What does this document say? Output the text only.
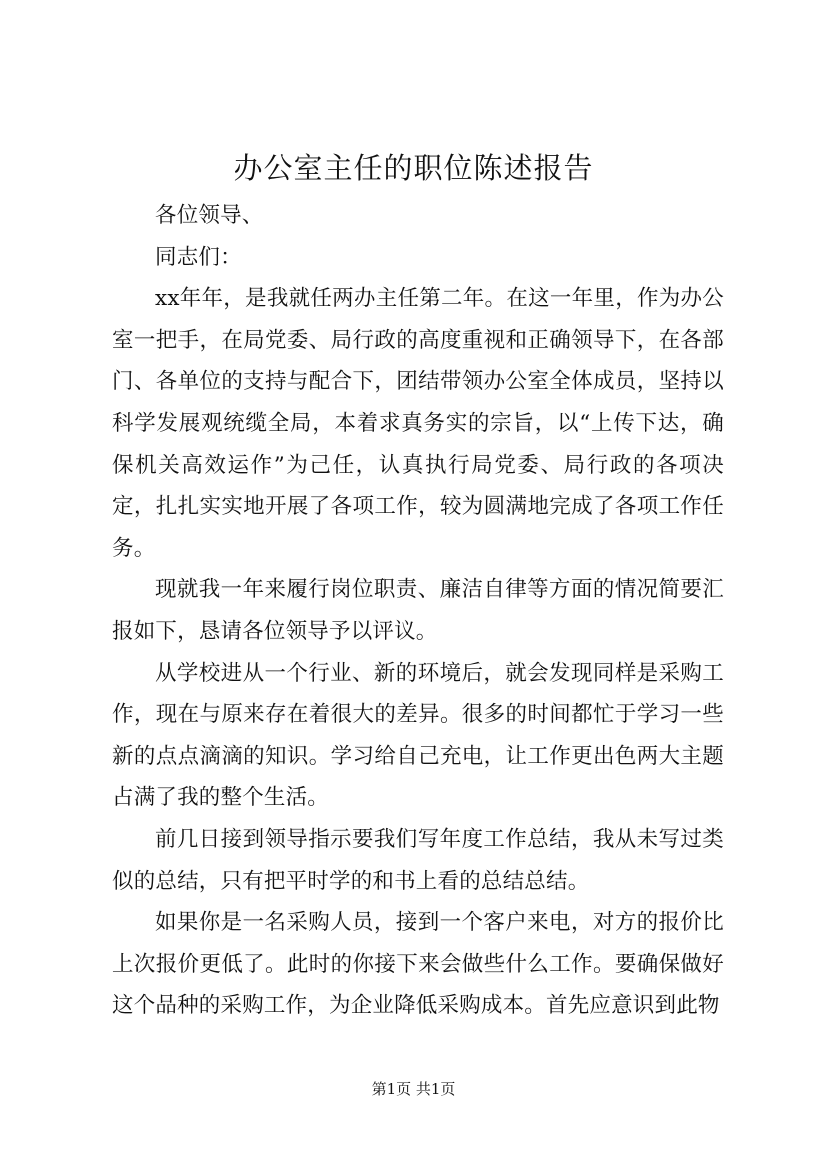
办公室主任的职位陈述报告

各位领导、

同志们：

xx年年，是我就任两办主任第二年。在这一年里，作为办公室一把手，在局党委、局行政的高度重视和正确领导下，在各部门、各单位的支持与配合下，团结带领办公室全体成员，坚持以科学发展观统缆全局，本着求真务实的宗旨，以“上传下达，确保机关高效运作”为己任，认真执行局党委、局行政的各项决定，扎扎实实地开展了各项工作，较为圆满地完成了各项工作任务。

现就我一年来履行岗位职责、廉洁自律等方面的情况简要汇报如下，恳请各位领导予以评议。

从学校进从一个行业、新的环境后，就会发现同样是采购工作，现在与原来存在着很大的差异。很多的时间都忙于学习一些新的点点滴滴的知识。学习给自己充电，让工作更出色两大主题占满了我的整个生活。

前几日接到领导指示要我们写年度工作总结，我从未写过类似的总结，只有把平时学的和书上看的总结总结。

如果你是一名采购人员，接到一个客户来电，对方的报价比上次报价更低了。此时的你接下来会做些什么工作。要确保做好这个品种的采购工作，为企业降低采购成本。首先应意识到此物

第1页 共1页
